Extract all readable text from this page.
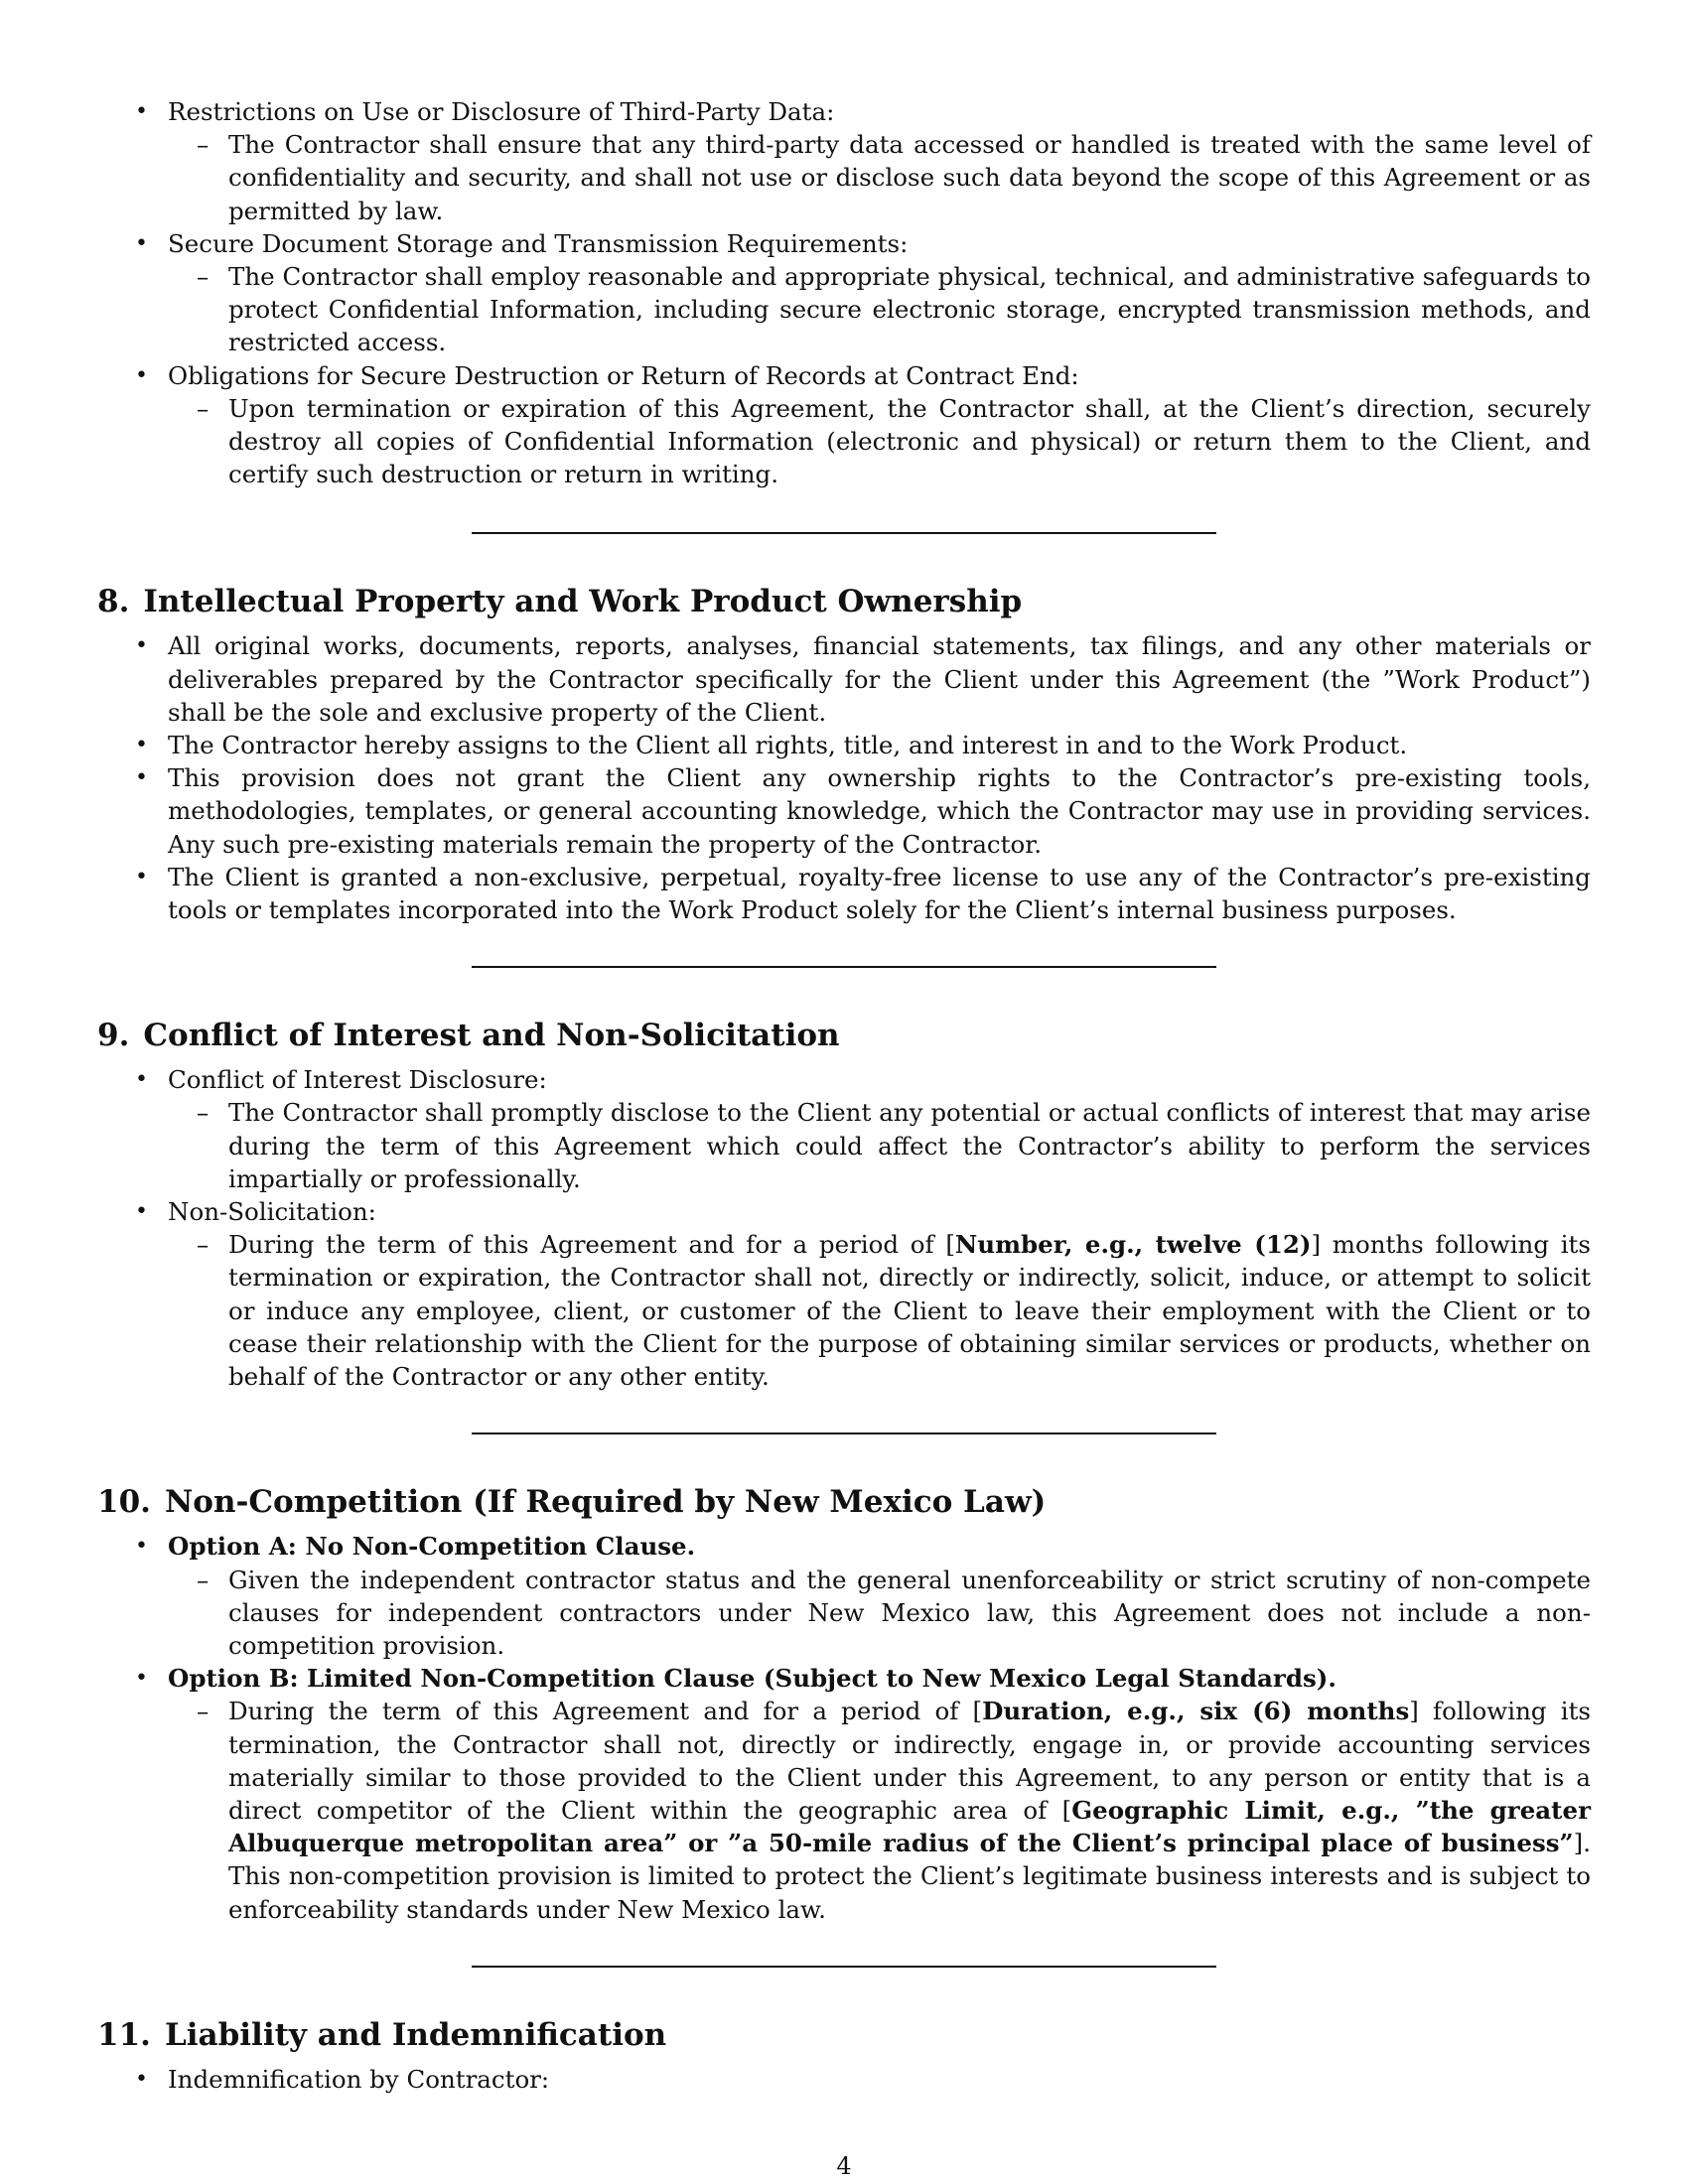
• Restrictions on Use or Disclosure of Third-Party Data:
– The Contractor shall ensure that any third-party data accessed or handled is treated with the same level of confidentiality and security, and shall not use or disclose such data beyond the scope of this Agreement or as permitted by law.
• Secure Document Storage and Transmission Requirements:
– The Contractor shall employ reasonable and appropriate physical, technical, and administrative safeguards to protect Confidential Information, including secure electronic storage, encrypted transmission methods, and restricted access.
• Obligations for Secure Destruction or Return of Records at Contract End:
– Upon termination or expiration of this Agreement, the Contractor shall, at the Client’s direction, securely destroy all copies of Confidential Information (electronic and physical) or return them to the Client, and certify such destruction or return in writing.
8. Intellectual Property and Work Product Ownership
• All original works, documents, reports, analyses, financial statements, tax filings, and any other materials or deliverables prepared by the Contractor specifically for the Client under this Agreement (the ”Work Product”) shall be the sole and exclusive property of the Client.
• The Contractor hereby assigns to the Client all rights, title, and interest in and to the Work Product.
• This provision does not grant the Client any ownership rights to the Contractor’s pre-existing tools, methodologies, templates, or general accounting knowledge, which the Contractor may use in providing services. Any such pre-existing materials remain the property of the Contractor.
• The Client is granted a non-exclusive, perpetual, royalty-free license to use any of the Contractor’s pre-existing tools or templates incorporated into the Work Product solely for the Client’s internal business purposes.
9. Conflict of Interest and Non-Solicitation
• Conflict of Interest Disclosure:
– The Contractor shall promptly disclose to the Client any potential or actual conflicts of interest that may arise during the term of this Agreement which could affect the Contractor’s ability to perform the services impartially or professionally.
• Non-Solicitation:
– During the term of this Agreement and for a period of [Number, e.g., twelve (12)] months following its termination or expiration, the Contractor shall not, directly or indirectly, solicit, induce, or attempt to solicit or induce any employee, client, or customer of the Client to leave their employment with the Client or to cease their relationship with the Client for the purpose of obtaining similar services or products, whether on behalf of the Contractor or any other entity.
10. Non-Competition (If Required by New Mexico Law)
• Option A: No Non-Competition Clause.
– Given the independent contractor status and the general unenforceability or strict scrutiny of non-compete clauses for independent contractors under New Mexico law, this Agreement does not include a non-competition provision.
• Option B: Limited Non-Competition Clause (Subject to New Mexico Legal Standards).
– During the term of this Agreement and for a period of [Duration, e.g., six (6) months] following its termination, the Contractor shall not, directly or indirectly, engage in, or provide accounting services materially similar to those provided to the Client under this Agreement, to any person or entity that is a direct competitor of the Client within the geographic area of [Geographic Limit, e.g., ”the greater Albuquerque metropolitan area” or ”a 50-mile radius of the Client’s principal place of business”]. This non-competition provision is limited to protect the Client’s legitimate business interests and is subject to enforceability standards under New Mexico law.
11. Liability and Indemnification
• Indemnification by Contractor:
4
